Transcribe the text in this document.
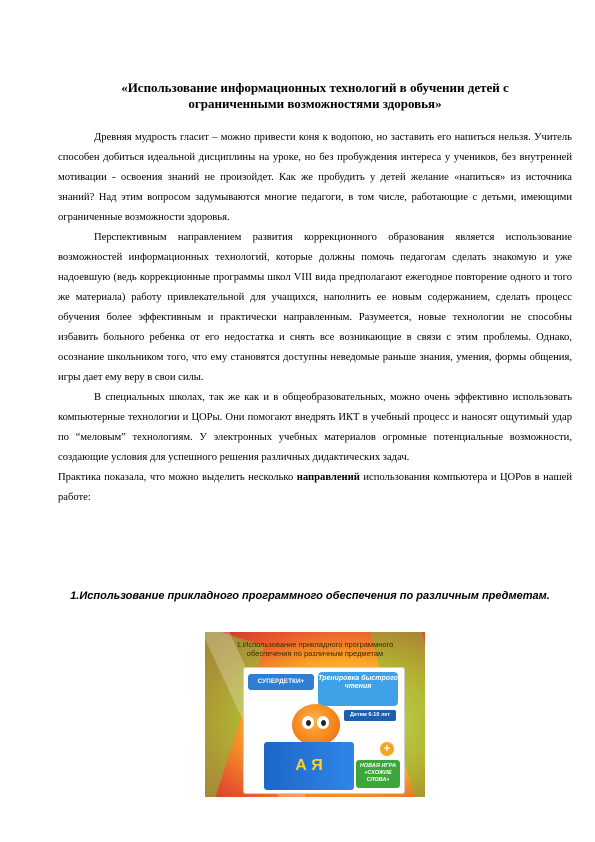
«Использование информационных технологий в обучении детей с ограниченными возможностями здоровья»

Древняя мудрость гласит – можно привести коня к водопою, но заставить его напиться нельзя. Учитель способен добиться идеальной дисциплины на уроке, но без пробуждения интереса у учеников, без внутренней мотивации - освоения знаний не произойдет. Как же пробудить у детей желание «напиться» из источника знаний? Над этим вопросом задумываются многие педагоги, в том числе, работающие с детьми, имеющими ограниченные возможности здоровья.

Перспективным направлением развития коррекционного образования является использование возможностей информационных технологий, которые должны помочь педагогам сделать знакомую и уже надоевшую (ведь коррекционные программы школ VIII вида предполагают ежегодное повторение одного и того же материала) работу привлекательной для учащихся, наполнить ее новым содержанием, сделать процесс обучения более эффективным и практически направленным. Разумеется, новые технологии не способны избавить больного ребенка от его недостатка и снять все возникающие в связи с этим проблемы. Однако, осознание школьником того, что ему становятся доступны неведомые раньше знания, умения, формы общения, игры дает ему веру в свои силы.

В специальных школах, так же как и в общеобразовательных, можно очень эффективно использовать компьютерные технологии и ЦОРы. Они помогают внедрять ИКТ в учебный процесс и наносят ощутимый удар по “меловым” технологиям. У электронных учебных материалов огромные потенциальные возможности, создающие условия для успешного решения различных дидактических задач.

Практика показала, что можно выделить несколько направлений использования компьютера и ЦОРов в нашей работе:

1.Использование прикладного программного обеспечения по различным предметам.
1.Использование прикладного программного обеспечения по различным предметам
СУПЕРДЕТКИ+	Тренировка быстрого чтения
Детям 6-10 лет
А Я
+
НОВАЯ ИГРА «СХОЖИЕ СЛОВА»
